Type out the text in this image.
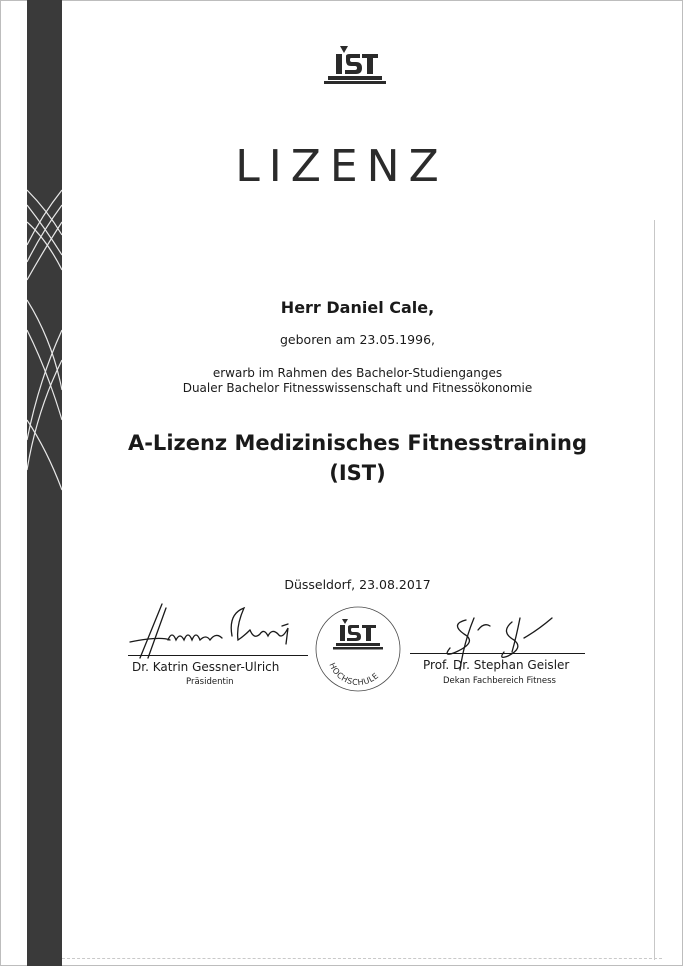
LIZENZ
Herr Daniel Cale,
geboren am 23.05.1996,
erwarb im Rahmen des Bachelor-Studienganges
Dualer Bachelor Fitnesswissenschaft und Fitnessökonomie
A-Lizenz Medizinisches Fitnesstraining
(IST)
Düsseldorf, 23.08.2017
Dr. Katrin Gessner-Ulrich
Präsidentin
HOCHSCHULE
Prof. Dr. Stephan Geisler
Dekan Fachbereich Fitness
